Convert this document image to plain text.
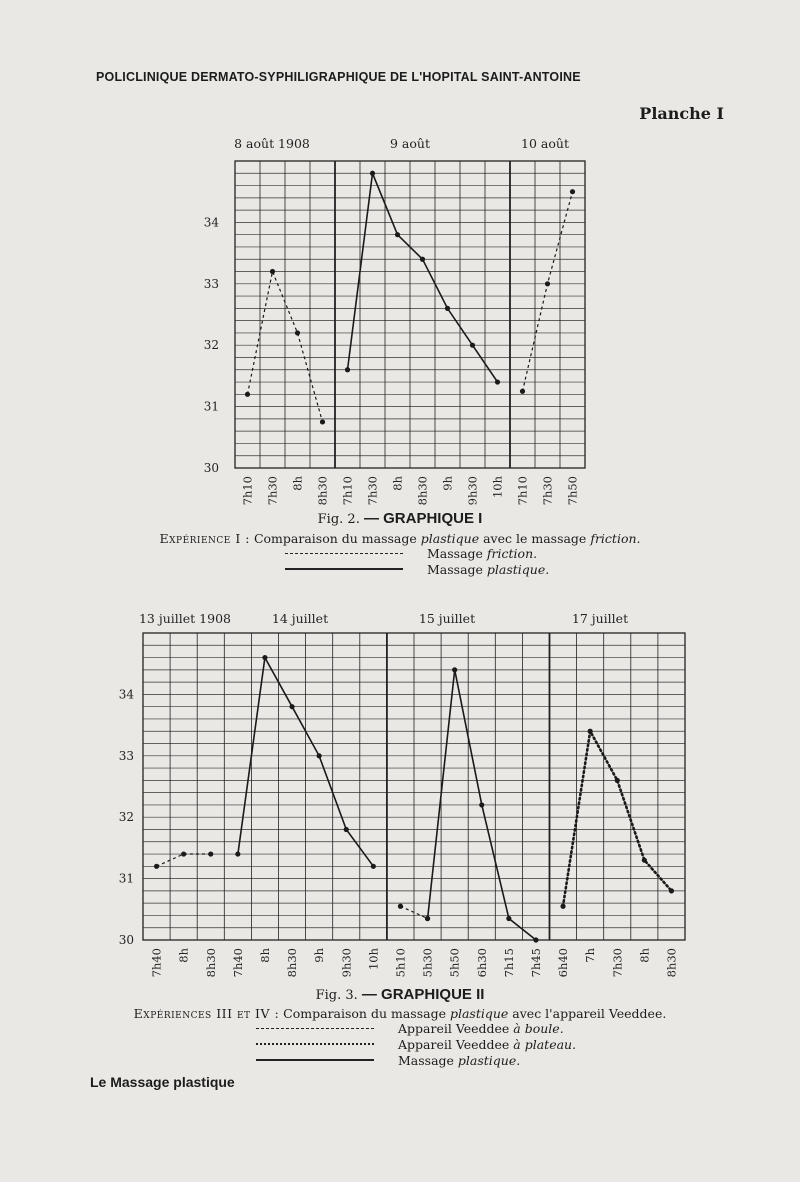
POLICLINIQUE DERMATO-SYPHILIGRAPHIQUE DE L'HOPITAL SAINT-ANTOINE
Planche I
30
31
32
33
34
7h10 7h30 8h 8h30 7h10 7h30 8h 8h30 9h 9h30 10h 7h10 7h30 7h50
8 août 1908	9 août	10 août
30
31
32
33
34
7h40 8h 8h30 7h40 8h 8h30 9h 9h30 10h 5h10 5h30 5h50 6h30 7h15 7h45 6h40 7h 7h30 8h 8h30
13 juillet 1908	14 juillet	15 juillet	17 juillet
Fig. 2. — GRAPHIQUE I
Expérience I : Comparaison du massage plastique avec le massage friction.
Massage
friction.
Massage
plastique.
Fig. 3. — GRAPHIQUE II
Expériences III et IV : Comparaison du massage plastique avec l'appareil Veeddee.
Appareil Veeddee
à boule.
Appareil Veeddee
à plateau.
Massage
plastique.
Le Massage plastique
